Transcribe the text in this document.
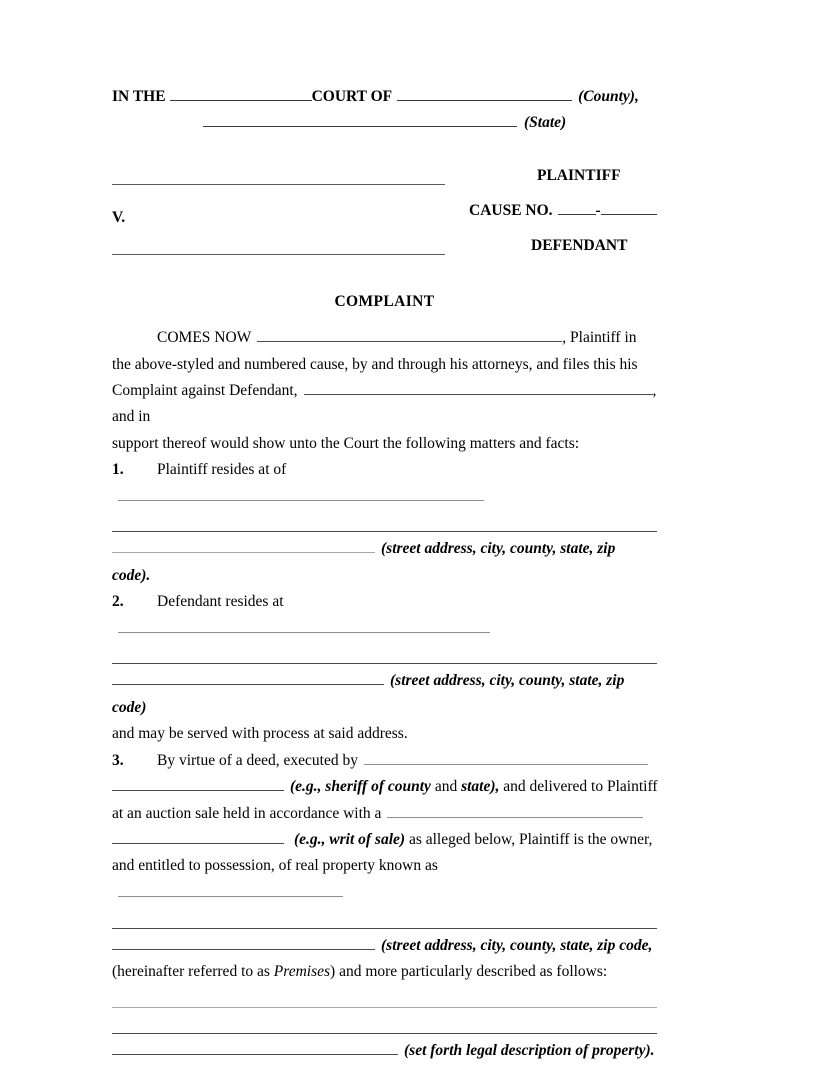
IN THE	COURT OF	(County),
(State)
V.
PLAINTIFF
CAUSE NO.	-
DEFENDANT
COMPLAINT
COMES NOW	, Plaintiff in
the above-styled and numbered cause, by and through his attorneys, and files this his
Complaint against Defendant,	, and in
support thereof would show unto the Court the following matters and facts:
1. Plaintiff resides at of
(street address, city, county, state, zip code).
2. Defendant resides at
(street address, city, county, state, zip code)
and may be served with process at said address.
3. By virtue of a deed, executed by
(e.g., sheriff of county and state), and delivered to Plaintiff
at an auction sale held in accordance with a
(e.g., writ of sale) as alleged below, Plaintiff is the owner,
and entitled to possession, of real property known as
(street address, city, county, state, zip code,
(hereinafter referred to as Premises) and more particularly described as follows:
(set forth legal description of property).
